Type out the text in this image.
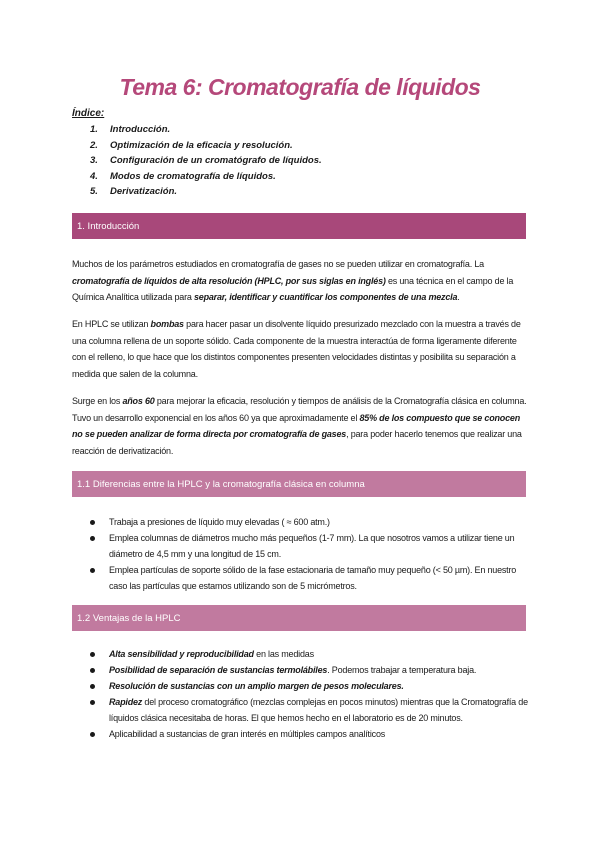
Tema 6: Cromatografía de líquidos
Índice:
1.	Introducción.
2.	Optimización de la eficacia y resolución.
3.	Configuración de un cromatógrafo de líquidos.
4.	Modos de cromatografía de líquidos.
5.	Derivatización.
1. Introducción

Muchos de los parámetros estudiados en cromatografía de gases no se pueden utilizar en cromatografía. La cromatografía de líquidos de alta resolución (HPLC, por sus siglas en inglés) es una técnica en el campo de la Química Analítica utilizada para separar, identificar y cuantificar los componentes de una mezcla.

En HPLC se utilizan bombas para hacer pasar un disolvente líquido presurizado mezclado con la muestra a través de una columna rellena de un soporte sólido. Cada componente de la muestra interactúa de forma ligeramente diferente con el relleno, lo que hace que los distintos componentes presenten velocidades distintas y posibilita su separación a medida que salen de la columna.

Surge en los años 60 para mejorar la eficacia, resolución y tiempos de análisis de la Cromatografía clásica en columna. Tuvo un desarrollo exponencial en los años 60 ya que aproximadamente el 85% de los compuesto que se conocen no se pueden analizar de forma directa por cromatografía de gases, para poder hacerlo tenemos que realizar una reacción de derivatización.

1.1 Diferencias entre la HPLC y la cromatografía clásica en columna
Trabaja a presiones de líquido muy elevadas ( ≈ 600 atm.)
Emplea columnas de diámetros mucho más pequeños (1-7 mm). La que nosotros vamos a utilizar tiene un diámetro de 4,5 mm y una longitud de 15 cm.
Emplea partículas de soporte sólido de la fase estacionaria de tamaño muy pequeño (< 50 µm). En nuestro caso las partículas que estamos utilizando son de 5 micrómetros.
1.2 Ventajas de la HPLC
Alta sensibilidad y reproducibilidad en las medidas
Posibilidad de separación de sustancias termolábiles. Podemos trabajar a temperatura baja.
Resolución de sustancias con un amplio margen de pesos moleculares.
Rapidez del proceso cromatográfico (mezclas complejas en pocos minutos) mientras que la Cromatografía de líquidos clásica necesitaba de horas. El que hemos hecho en el laboratorio es de 20 minutos.
Aplicabilidad a sustancias de gran interés en múltiples campos analíticos
